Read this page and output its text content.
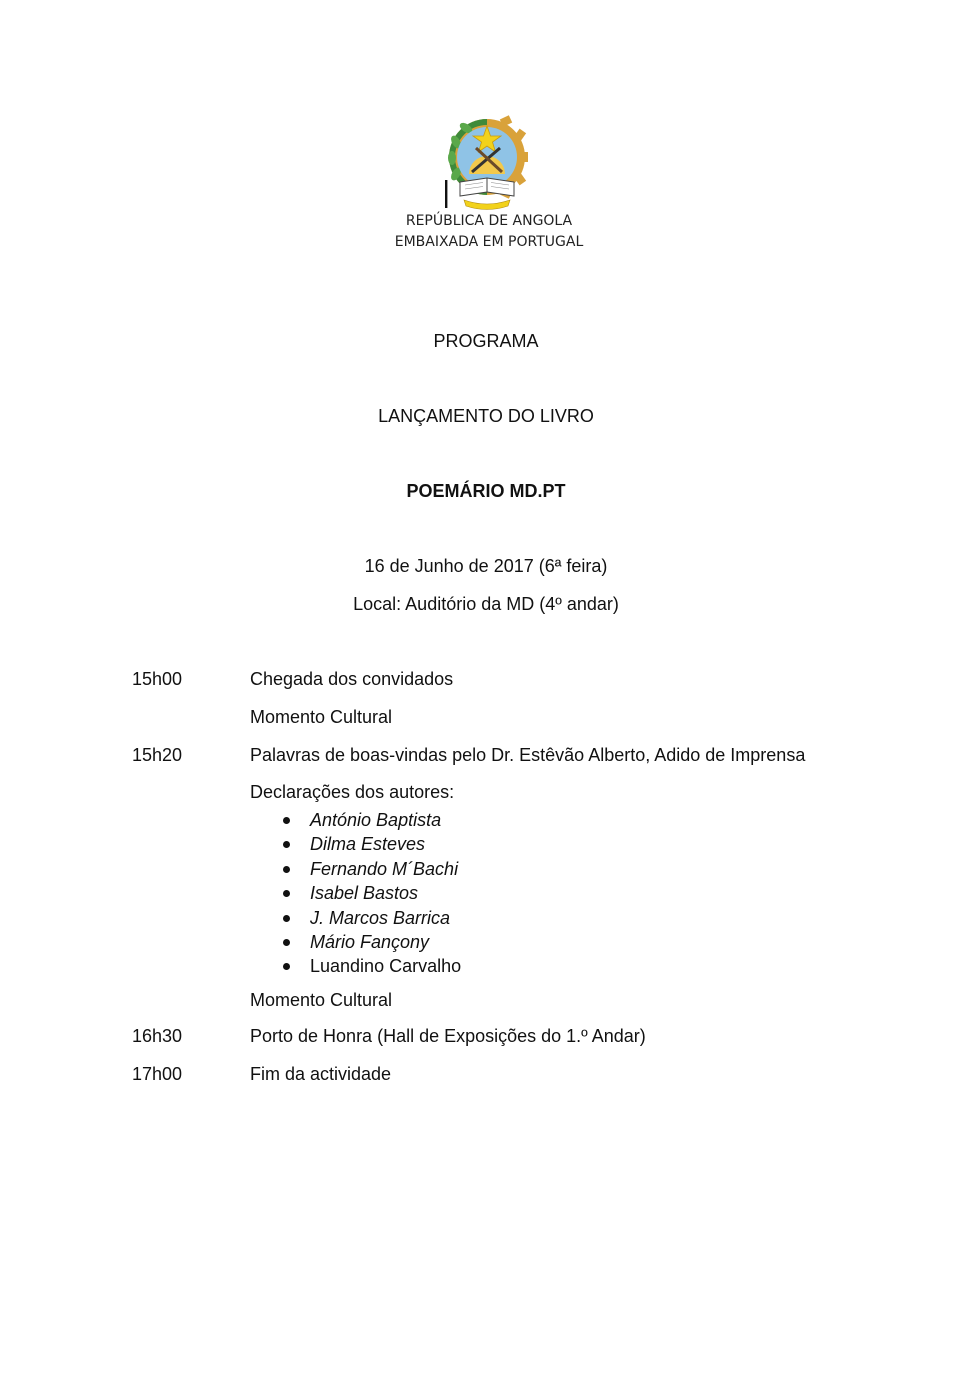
REPÚBLICA DE ANGOLA
EMBAIXADA EM PORTUGAL
PROGRAMA
LANÇAMENTO DO LIVRO
POEMÁRIO MD.PT
16 de Junho de 2017 (6ª feira)
Local: Auditório da MD (4º andar)
15h00	Chegada dos convidados
Momento Cultural
15h20	Palavras de boas-vindas pelo Dr. Estêvão Alberto, Adido de Imprensa
Declarações dos autores:
António Baptista
Dilma Esteves
Fernando M´Bachi
Isabel Bastos
J. Marcos Barrica
Mário Fançony
Luandino Carvalho
Momento Cultural
16h30	Porto de Honra (Hall de Exposições do 1.º Andar)
17h00	Fim da actividade
